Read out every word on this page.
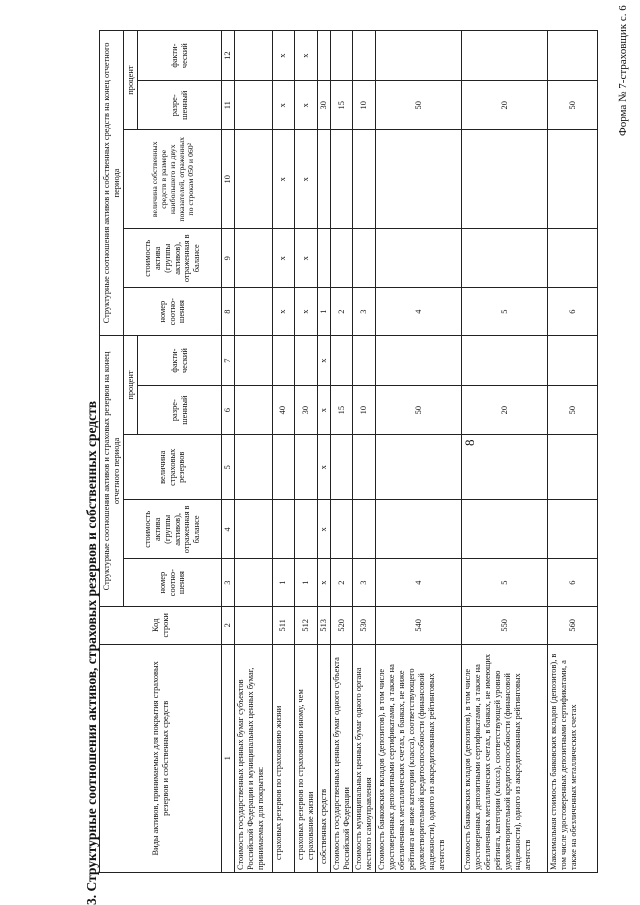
Форма № 7-страховщик с. 6
8
3. Структурные соотношения активов, страховых резервов и собственных средств	Виды активов, принимаемых для покрытия страховых резервов и собственных средств	Код строки	Структурные соотношения активов и страховых резервов на конец отчетного периода					Структурные соотношения активов и собственных средств на конец отчетного периода				
		номер соотно-шения	стоимость актива (группы активов), отраженная в балансе	величина страховых резервов	процент		номер соотно-шения	стоимость актива (группы активов), отраженная в балансе	величина собственных средств в размере наибольшего из двух показателей, отраженных по строкам 050 и 060²	процент	
					разре-шенный	факти-ческий				разре-шенный	факти-ческий
1	2	3	4	5	6	7	8	9	10	11	12
Стоимость государственных ценных бумаг субъектов Российской Федерации и муниципальных ценных бумаг, принимаемых для покрытия:											
страховых резервов по страхованию жизни	511	1			40		x	x	x	x	x
страховых резервов по страхованию иному, чем страхование жизни	512	1			30		x	x	x	x	x
собственных средств	513	x	x	x	x	x	1			30	
Стоимость государственных ценных бумаг одного субъекта Российской Федерации	520	2			15		2			15	
Стоимость муниципальных ценных бумаг одного органа местного самоуправления	530	3			10		3			10	
Стоимость банковских вкладов (депозитов), в том числе удостоверенных депозитными сертификатами, а также на обезличенных металлических счетах, в банках, не ниже рейтинга не ниже категории (класса), соответствующего удовлетворительной кредитоспособности (финансовой надежности), одного из аккредитованных рейтинговых агентств	540	4			50		4			50	
Стоимость банковских вкладов (депозитов), в том числе удостоверенных депозитными сертификатами, а также на обезличенных металлических счетах, в банках, не имеющих рейтинга, категории (класса), соответствующей уровню удовлетворительной кредитоспособности (финансовой надежности), одного из аккредитованных рейтинговых агентств	550	5			20		5			20	
Максимальная стоимость банковских вкладов (депозитов), в том числе удостоверенных депозитными сертификатами, а также на обезличенных металлических счетах	560	6			50		6			50	
